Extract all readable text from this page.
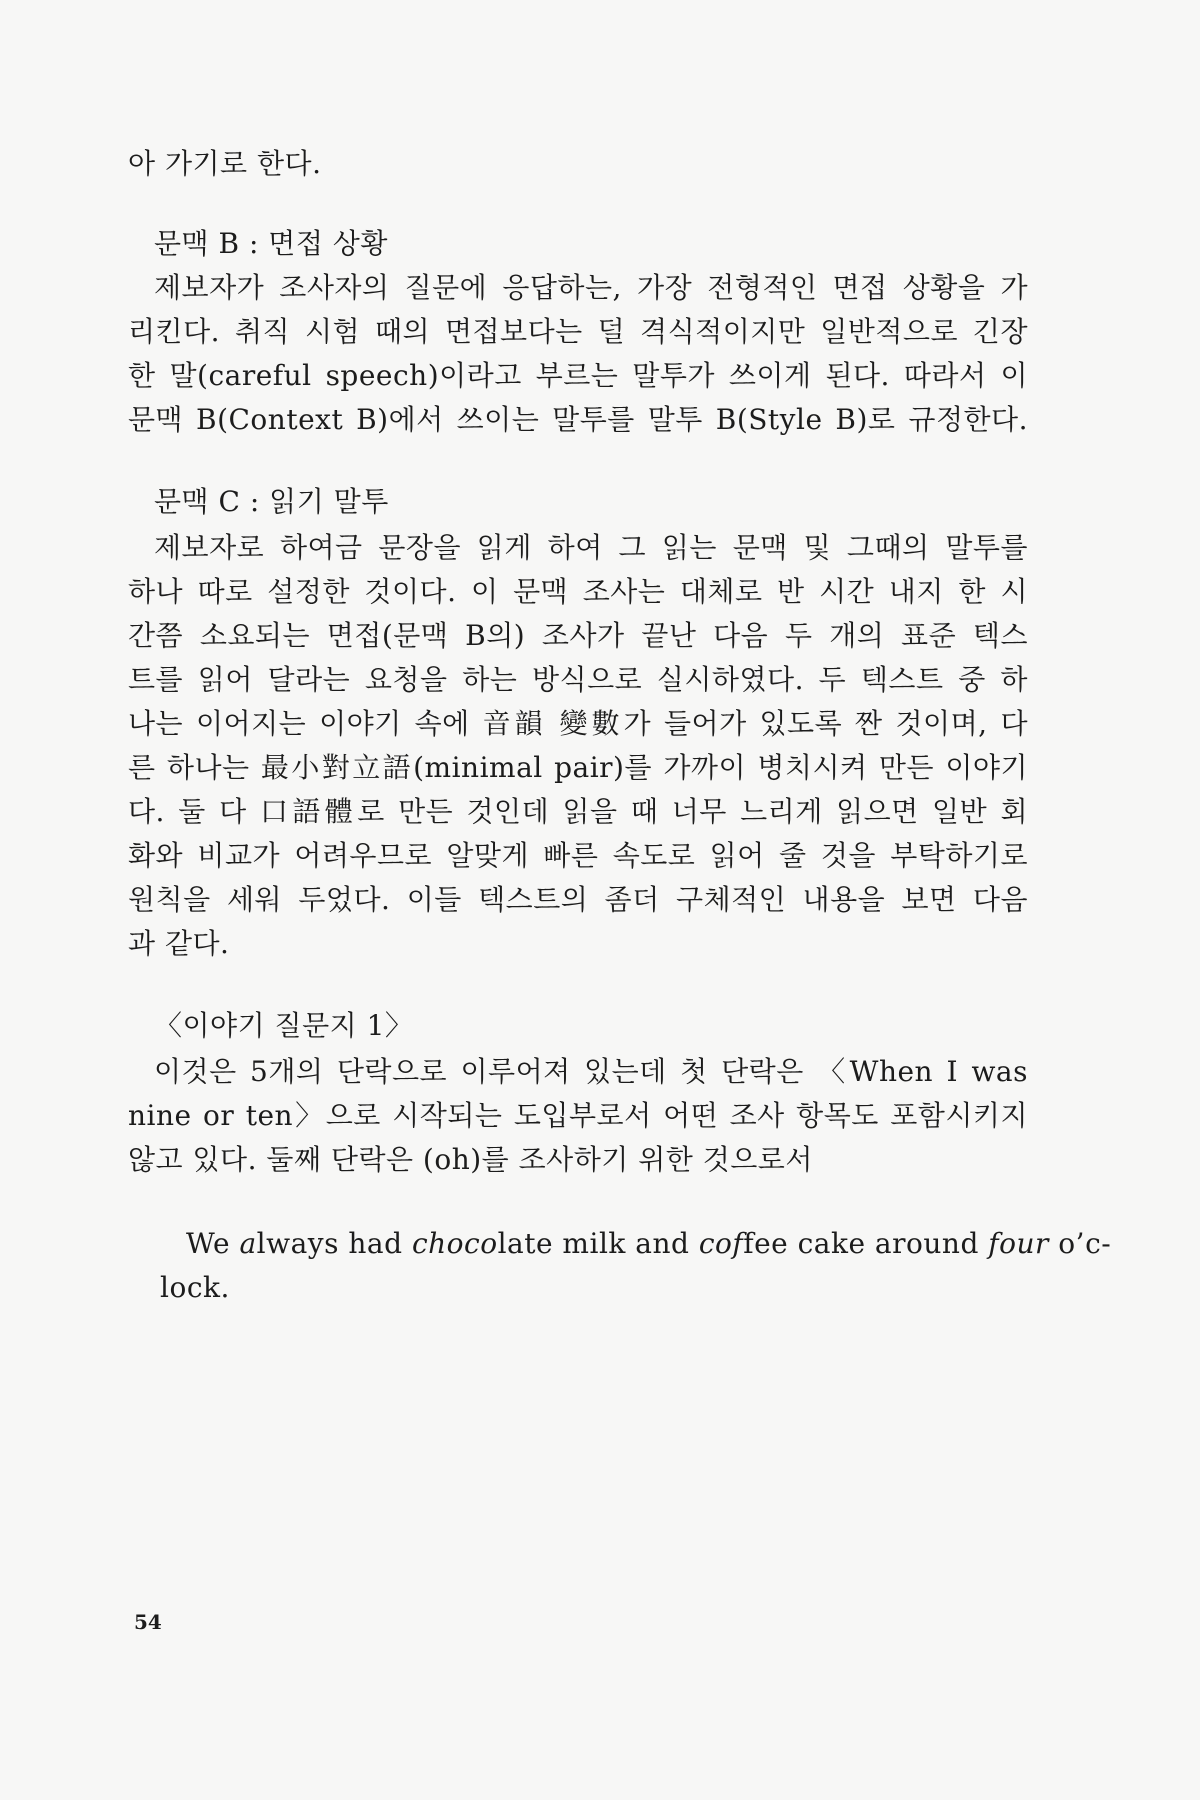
아 가기로 한다.
문맥 B : 면접 상황
제보자가 조사자의 질문에 응답하는, 가장 전형적인 면접 상황을 가
리킨다. 취직 시험 때의 면접보다는 덜 격식적이지만 일반적으로 긴장
한 말(careful speech)이라고 부르는 말투가 쓰이게 된다. 따라서 이
문맥 B(Context B)에서 쓰이는 말투를 말투 B(Style B)로 규정한다.
문맥 C : 읽기 말투
제보자로 하여금 문장을 읽게 하여 그 읽는 문맥 및 그때의 말투를
하나 따로 설정한 것이다. 이 문맥 조사는 대체로 반 시간 내지 한 시
간쯤 소요되는 면접(문맥 B의) 조사가 끝난 다음 두 개의 표준 텍스
트를 읽어 달라는 요청을 하는 방식으로 실시하였다. 두 텍스트 중 하
나는 이어지는 이야기 속에 音韻 變數가 들어가 있도록 짠 것이며, 다
른 하나는 最小對立語(minimal pair)를 가까이 병치시켜 만든 이야기
다. 둘 다 口語體로 만든 것인데 읽을 때 너무 느리게 읽으면 일반 회
화와 비교가 어려우므로 알맞게 빠른 속도로 읽어 줄 것을 부탁하기로
원칙을 세워 두었다. 이들 텍스트의 좀더 구체적인 내용을 보면 다음
과 같다.
〈이야기 질문지 1〉
이것은 5개의 단락으로 이루어져 있는데 첫 단락은 〈When I was
nine or ten〉으로 시작되는 도입부로서 어떤 조사 항목도 포함시키지
않고 있다. 둘째 단락은 (oh)를 조사하기 위한 것으로서
We always had chocolate milk and coffee cake around four o’c-
lock.
54
